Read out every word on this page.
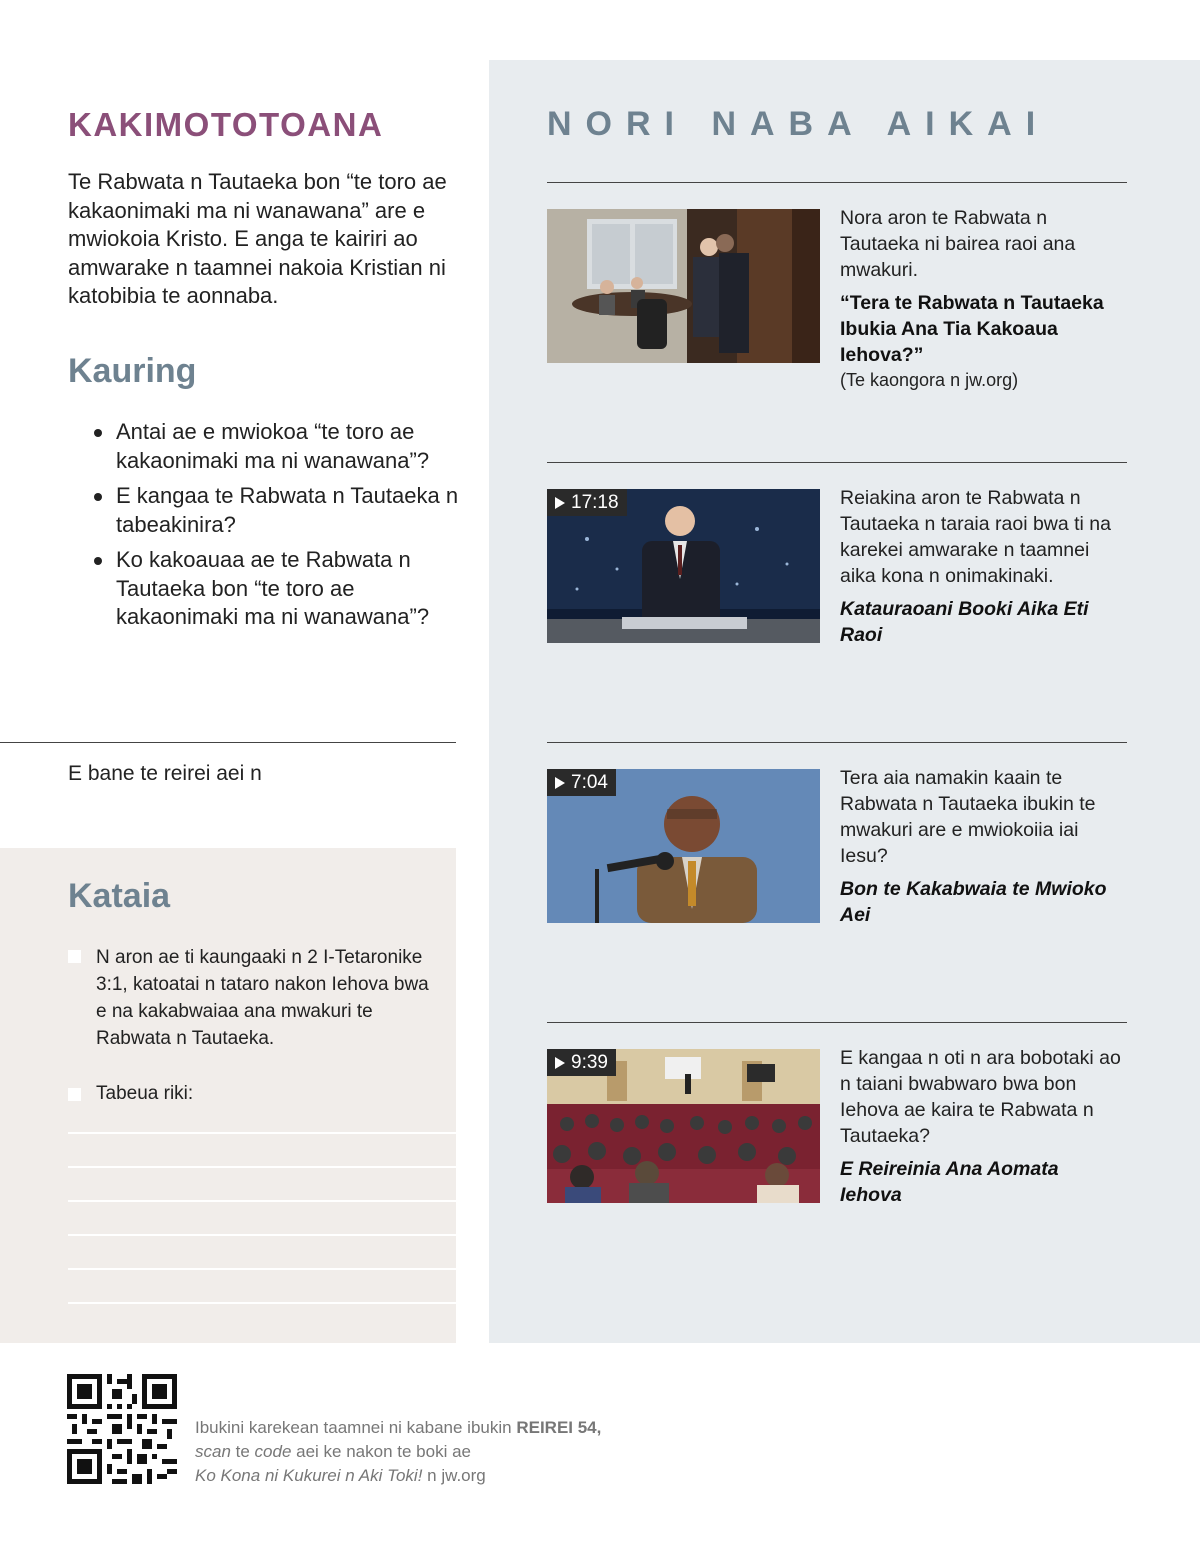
KAKIMOTOTOANA
Te Rabwata n Tautaeka bon “te toro ae kakaonimaki ma ni wanawana” are e mwiokoia Kristo. E anga te kairiri ao amwarake n taamnei nakoia Kristian ni katobibia te aonnaba.
Kauring
Antai ae e mwiokoa “te toro ae kakaonimaki ma ni wanawana”?
E kangaa te Rabwata n Tautaeka n tabeakinira?
Ko kakoauaa ae te Rabwata n Tautaeka bon “te toro ae kakaonimaki ma ni wanawana”?
E bane te reirei aei n
Kataia
N aron ae ti kaungaaki n 2 I-Tetaronike 3:1, katoatai n tataro nakon Iehova bwa e na kakabwaiaa ana mwakuri te Rabwata n Tautaeka.
Tabeua riki:
NORI NABA AIKAI
Nora aron te Rabwata n Tautaeka ni bairea raoi ana mwakuri.
“Tera te Rabwata n Tautaeka Ibukia Ana Tia Kakoaua Iehova?”
(Te kaongora n jw.org)
17:18	Reiakina aron te Rabwata n Tautaeka n taraia raoi bwa ti na karekei amwarake n taamnei aika kona n onimakinaki.
Katauraoani Booki Aika Eti Raoi
7:04	Tera aia namakin kaain te Rabwata n Tautaeka ibukin te mwakuri are e mwiokoiia iai Iesu?
Bon te Kakabwaia te Mwioko Aei
9:39	E kangaa n oti n ara bobotaki ao n taiani bwabwaro bwa bon Iehova ae kaira te Rabwata n Tautaeka?
E Reireinia Ana Aomata Iehova
Ibukini karekean taamnei ni kabane ibukin REIREI 54,
scan te code aei ke nakon te boki ae
Ko Kona ni Kukurei n Aki Toki! n jw.org
